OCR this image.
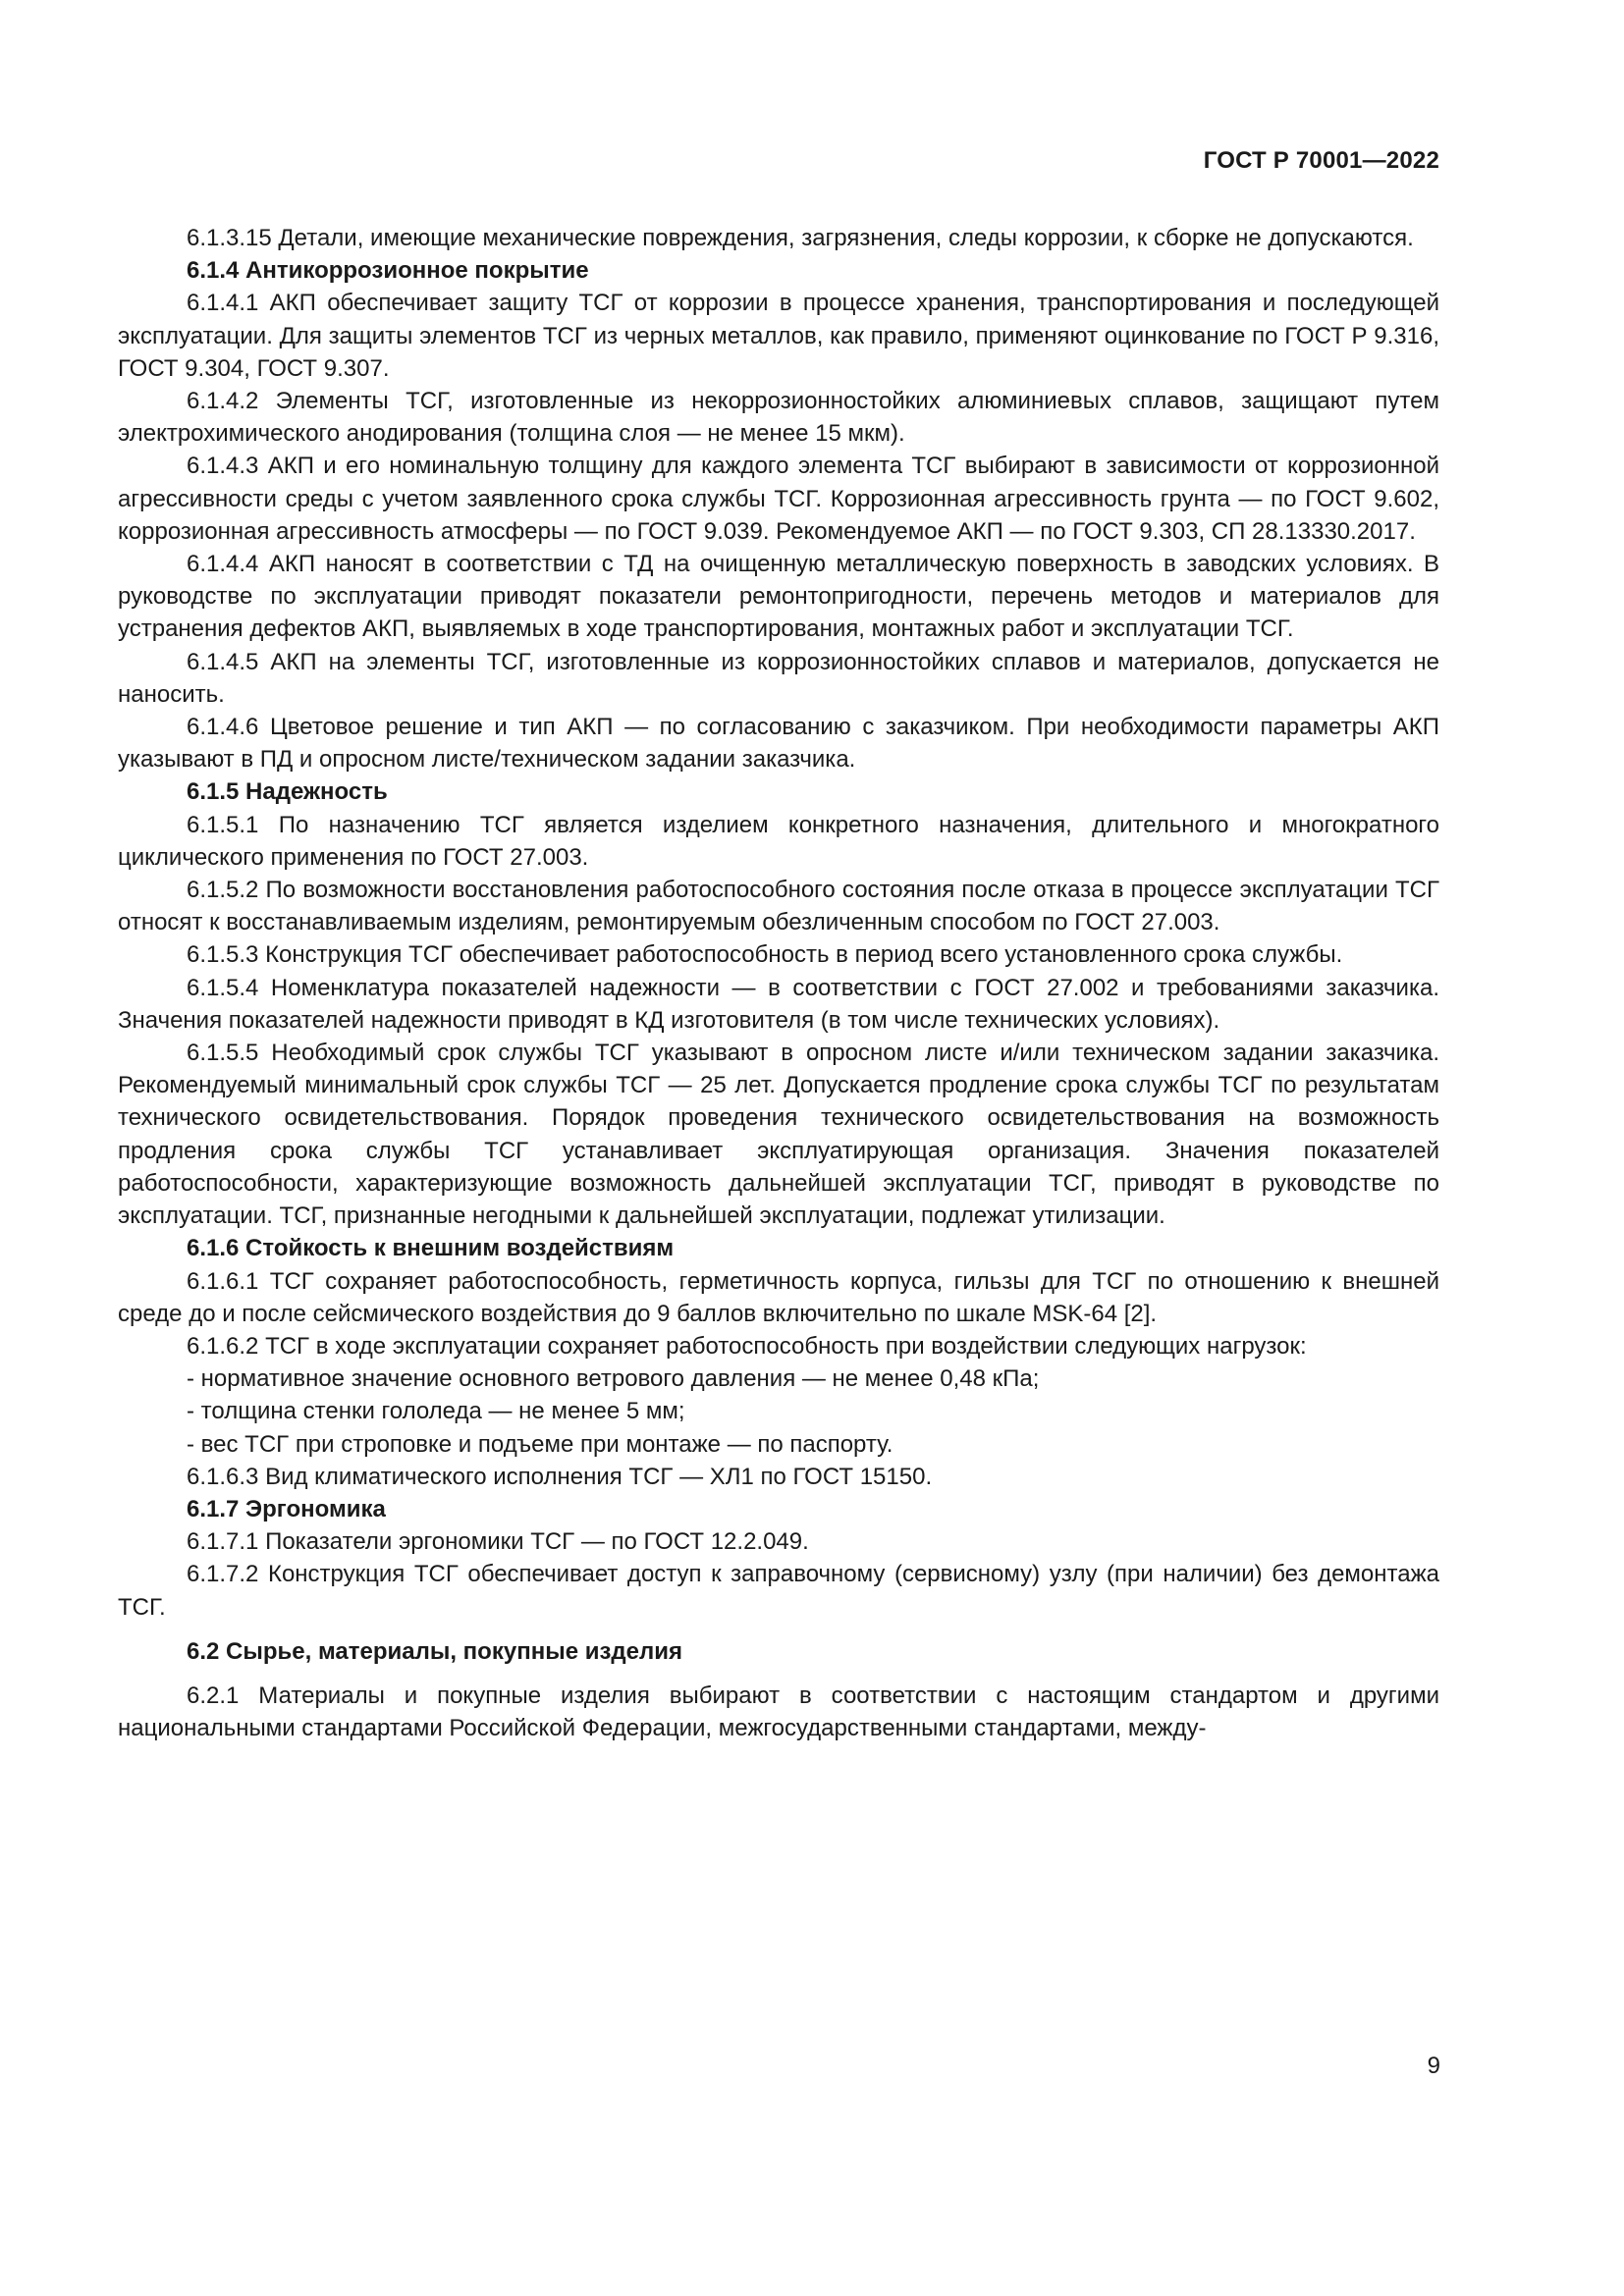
ГОСТ Р 70001—2022

6.1.3.15 Детали, имеющие механические повреждения, загрязнения, следы коррозии, к сборке не допускаются.

6.1.4 Антикоррозионное покрытие

6.1.4.1 АКП обеспечивает защиту ТСГ от коррозии в процессе хранения, транспортирования и последующей эксплуатации. Для защиты элементов ТСГ из черных металлов, как правило, применяют оцинкование по ГОСТ Р 9.316, ГОСТ 9.304, ГОСТ 9.307.

6.1.4.2 Элементы ТСГ, изготовленные из некоррозионностойких алюминиевых сплавов, защищают путем электрохимического анодирования (толщина слоя — не менее 15 мкм).

6.1.4.3 АКП и его номинальную толщину для каждого элемента ТСГ выбирают в зависимости от коррозионной агрессивности среды с учетом заявленного срока службы ТСГ. Коррозионная агрессивность грунта — по ГОСТ 9.602, коррозионная агрессивность атмосферы — по ГОСТ 9.039. Рекомендуемое АКП — по ГОСТ 9.303, СП 28.13330.2017.

6.1.4.4 АКП наносят в соответствии с ТД на очищенную металлическую поверхность в заводских условиях. В руководстве по эксплуатации приводят показатели ремонтопригодности, перечень методов и материалов для устранения дефектов АКП, выявляемых в ходе транспортирования, монтажных работ и эксплуатации ТСГ.

6.1.4.5 АКП на элементы ТСГ, изготовленные из коррозионностойких сплавов и материалов, допускается не наносить.

6.1.4.6 Цветовое решение и тип АКП — по согласованию с заказчиком. При необходимости параметры АКП указывают в ПД и опросном листе/техническом задании заказчика.

6.1.5 Надежность

6.1.5.1 По назначению ТСГ является изделием конкретного назначения, длительного и многократного циклического применения по ГОСТ 27.003.

6.1.5.2 По возможности восстановления работоспособного состояния после отказа в процессе эксплуатации ТСГ относят к восстанавливаемым изделиям, ремонтируемым обезличенным способом по ГОСТ 27.003.

6.1.5.3 Конструкция ТСГ обеспечивает работоспособность в период всего установленного срока службы.

6.1.5.4 Номенклатура показателей надежности — в соответствии с ГОСТ 27.002 и требованиями заказчика. Значения показателей надежности приводят в КД изготовителя (в том числе технических условиях).

6.1.5.5 Необходимый срок службы ТСГ указывают в опросном листе и/или техническом задании заказчика. Рекомендуемый минимальный срок службы ТСГ — 25 лет. Допускается продление срока службы ТСГ по результатам технического освидетельствования. Порядок проведения технического освидетельствования на возможность продления срока службы ТСГ устанавливает эксплуатирующая организация. Значения показателей работоспособности, характеризующие возможность дальнейшей эксплуатации ТСГ, приводят в руководстве по эксплуатации. ТСГ, признанные негодными к дальнейшей эксплуатации, подлежат утилизации.

6.1.6 Стойкость к внешним воздействиям

6.1.6.1 ТСГ сохраняет работоспособность, герметичность корпуса, гильзы для ТСГ по отношению к внешней среде до и после сейсмического воздействия до 9 баллов включительно по шкале MSK-64 [2].

6.1.6.2 ТСГ в ходе эксплуатации сохраняет работоспособность при воздействии следующих нагрузок:

- нормативное значение основного ветрового давления — не менее 0,48 кПа;

- толщина стенки гололеда — не менее 5 мм;

- вес ТСГ при строповке и подъеме при монтаже — по паспорту.

6.1.6.3 Вид климатического исполнения ТСГ — ХЛ1 по ГОСТ 15150.

6.1.7 Эргономика

6.1.7.1 Показатели эргономики ТСГ — по ГОСТ 12.2.049.

6.1.7.2 Конструкция ТСГ обеспечивает доступ к заправочному (сервисному) узлу (при наличии) без демонтажа ТСГ.

6.2 Сырье, материалы, покупные изделия

6.2.1 Материалы и покупные изделия выбирают в соответствии с настоящим стандартом и другими национальными стандартами Российской Федерации, межгосударственными стандартами, между-

9
